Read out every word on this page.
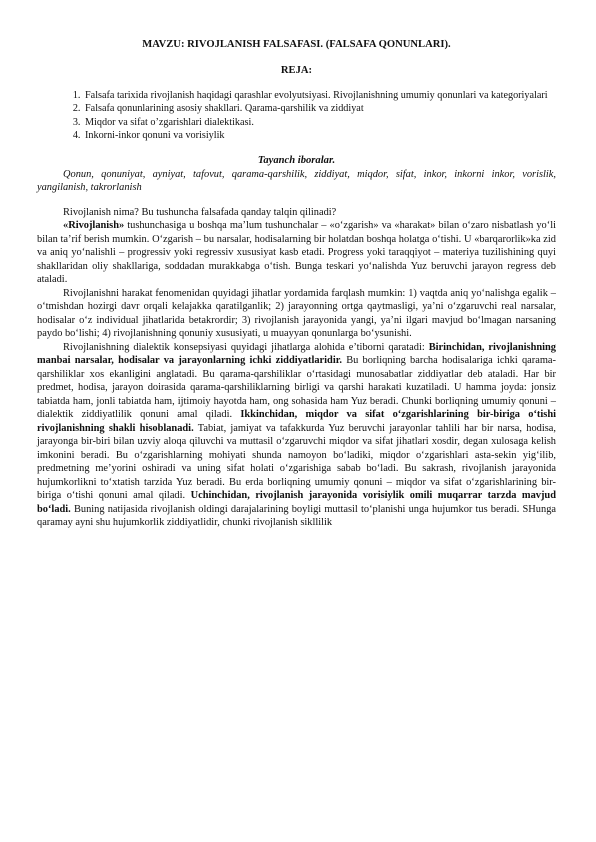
MAVZU: RIVOJLANISH FALSAFASI. (FALSAFA QONUNLARI).
REJA:
1. Falsafa tarixida rivojlanish haqidagi qarashlar evolyutsiyasi. Rivojlanishning umumiy qonunlari va kategoriyalari
2. Falsafa qonunlarining asosiy shakllari. Qarama-qarshilik va ziddiyat
3. Miqdor va sifat o’zgarishlari dialektikasi.
4. Inkorni-inkor qonuni va vorisiylik
Tayanch iboralar.

Qonun, qonuniyat, ayniyat, tafovut, qarama-qarshilik, ziddiyat, miqdor, sifat, inkor, inkorni inkor, vorislik, yangilanish, takrorlanish

Rivojlanish nima? Bu tushuncha falsafada qanday talqin qilinadi?

«Rivojlanish» tushunchasiga u boshqa ma’lum tushunchalar – «o‘zgarish» va «harakat» bilan o‘zaro nisbatlash yo‘li bilan ta’rif berish mumkin. O‘zgarish – bu narsalar, hodisalarning bir holatdan boshqa holatga o‘tishi. U «barqarorlik»ka zid va aniq yo‘nalishli – progressiv yoki regressiv xususiyat kasb etadi. Progress yoki taraqqiyot – materiya tuzilishining quyi shakllaridan oliy shakllariga, soddadan murakkabga o‘tish. Bunga teskari yo‘nalishda Yuz beruvchi jarayon regress deb ataladi.

Rivojlanishni harakat fenomenidan quyidagi jihatlar yordamida farqlash mumkin: 1) vaqtda aniq yo‘nalishga egalik – o‘tmishdan hozirgi davr orqali kelajakka qaratilganlik; 2) jarayonning ortga qaytmasligi, ya’ni o‘zgaruvchi real narsalar, hodisalar o‘z individual jihatlarida betakrordir; 3) rivojlanish jarayonida yangi, ya’ni ilgari mavjud bo‘lmagan narsaning paydo bo‘lishi; 4) rivojlanishning qonuniy xususiyati, u muayyan qonunlarga bo‘ysunishi.

Rivojlanishning dialektik konsepsiyasi quyidagi jihatlarga alohida e’tiborni qaratadi: Birinchidan, rivojlanishning manbai narsalar, hodisalar va jarayonlarning ichki ziddiyatlaridir. Bu borliqning barcha hodisalariga ichki qarama-qarshiliklar xos ekanligini anglatadi. Bu qarama-qarshiliklar o‘rtasidagi munosabatlar ziddiyatlar deb ataladi. Har bir predmet, hodisa, jarayon doirasida qarama-qarshiliklarning birligi va qarshi harakati kuzatiladi. U hamma joyda: jonsiz tabiatda ham, jonli tabiatda ham, ijtimoiy hayotda ham, ong sohasida ham Yuz beradi. Chunki borliqning umumiy qonuni – dialektik ziddiyatlilik qonuni amal qiladi. Ikkinchidan, miqdor va sifat o‘zgarishlarining bir-biriga o‘tishi rivojlanishning shakli hisoblanadi. Tabiat, jamiyat va tafakkurda Yuz beruvchi jarayonlar tahlili har bir narsa, hodisa, jarayonga bir-biri bilan uzviy aloqa qiluvchi va muttasil o‘zgaruvchi miqdor va sifat jihatlari xosdir, degan xulosaga kelish imkonini beradi. Bu o‘zgarishlarning mohiyati shunda namoyon bo‘ladiki, miqdor o‘zgarishlari asta-sekin yig‘ilib, predmetning me’yorini oshiradi va uning sifat holati o‘zgarishiga sabab bo‘ladi. Bu sakrash, rivojlanish jarayonida hujumkorlikni to‘xtatish tarzida Yuz beradi. Bu erda borliqning umumiy qonuni – miqdor va sifat o‘zgarishlarining bir-biriga o‘tishi qonuni amal qiladi. Uchinchidan, rivojlanish jarayonida vorisiylik omili muqarrar tarzda mavjud bo‘ladi. Buning natijasida rivojlanish oldingi darajalarining boyligi muttasil to‘planishi unga hujumkor tus beradi. SHunga qaramay ayni shu hujumkorlik ziddiyatlidir, chunki rivojlanish sikllilik
